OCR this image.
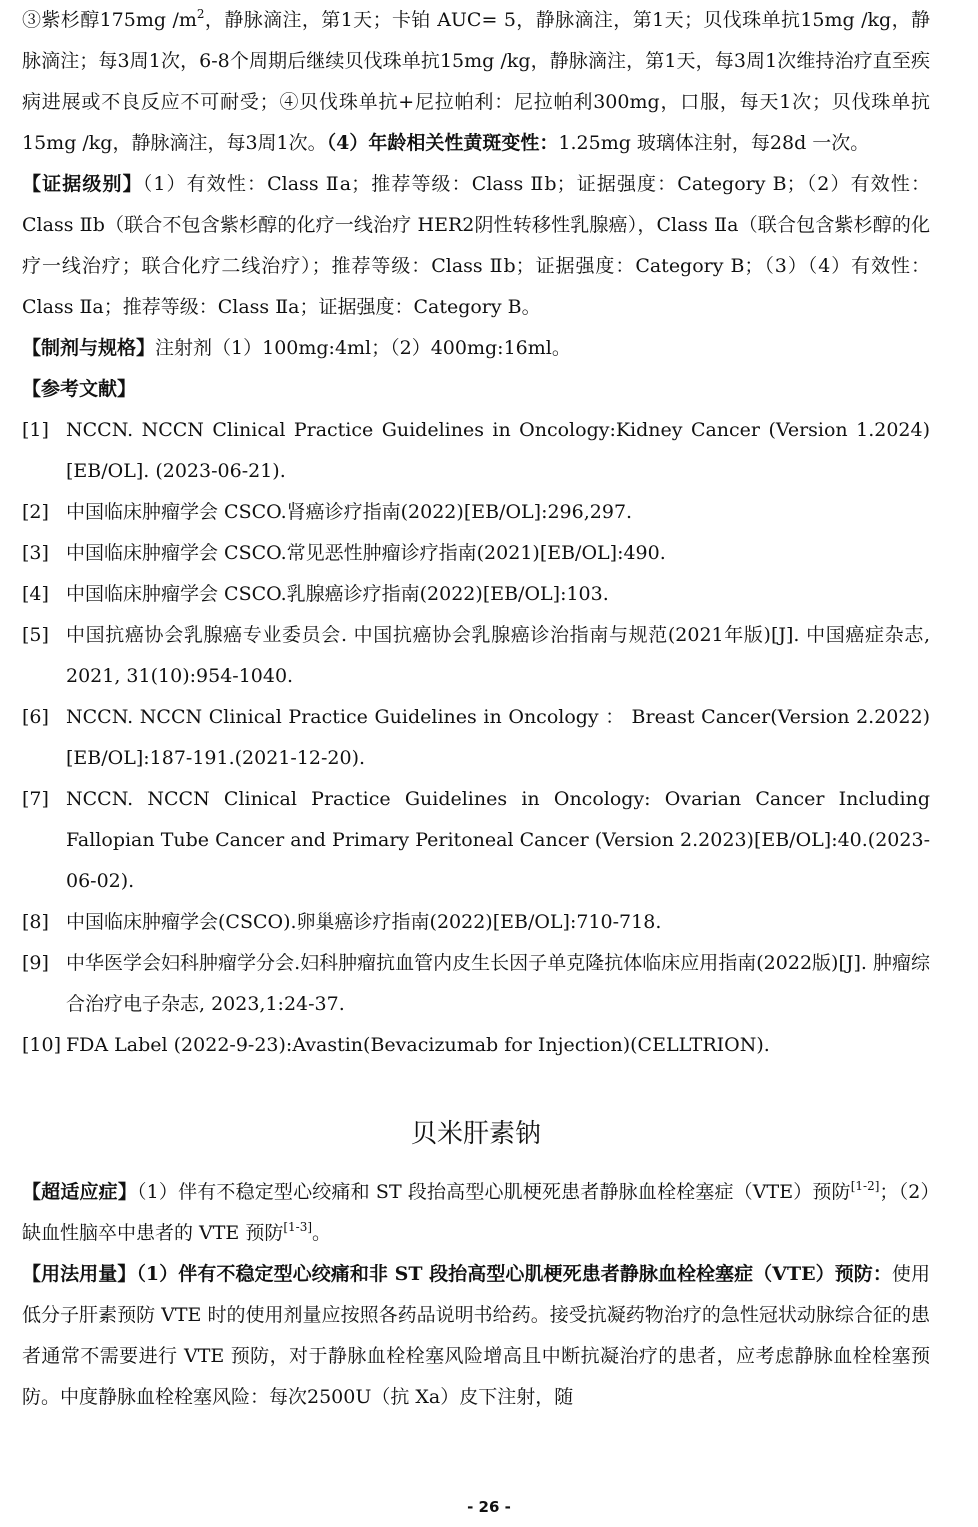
③紫杉醇175mg $/m^2$，静脉滴注，第1天；卡铂 AUC= 5，静脉滴注，第1天；贝伐珠单抗15mg /kg，静脉滴注；每3周1次，6-8个周期后继续贝伐珠单抗15mg /kg，静脉滴注，第1天，每3周1次维持治疗直至疾病进展或不良反应不可耐受；④贝伐珠单抗+尼拉帕利：尼拉帕利300mg，口服，每天1次；贝伐珠单抗15mg /kg，静脉滴注，每3周1次。（4）年龄相关性黄斑变性：1.25mg 玻璃体注射，每28d 一次。

【证据级别】（1）有效性：Class Ⅱa；推荐等级：Class Ⅱb；证据强度：Category B；（2）有效性：Class Ⅱb（联合不包含紫杉醇的化疗一线治疗 HER2阴性转移性乳腺癌），Class Ⅱa（联合包含紫杉醇的化疗一线治疗；联合化疗二线治疗）；推荐等级：Class Ⅱb；证据强度：Category B；（3）（4）有效性：Class Ⅱa；推荐等级：Class Ⅱa；证据强度：Category B。

【制剂与规格】注射剂（1）100mg:4ml；（2）400mg:16ml。

【参考文献】

[1] NCCN. NCCN Clinical Practice Guidelines in Oncology:Kidney Cancer (Version 1.2024)[EB/OL]. (2023-06-21).

[2] 中国临床肿瘤学会 CSCO.肾癌诊疗指南(2022)[EB/OL]:296,297.

[3] 中国临床肿瘤学会 CSCO.常见恶性肿瘤诊疗指南(2021)[EB/OL]:490.

[4] 中国临床肿瘤学会 CSCO.乳腺癌诊疗指南(2022)[EB/OL]:103.

[5] 中国抗癌协会乳腺癌专业委员会. 中国抗癌协会乳腺癌诊治指南与规范(2021年版)[J]. 中国癌症杂志, 2021, 31(10):954-1040.

[6] NCCN. NCCN Clinical Practice Guidelines in Oncology ： Breast Cancer(Version 2.2022) [EB/OL]:187-191.(2021-12-20).

[7] NCCN. NCCN Clinical Practice Guidelines in Oncology: Ovarian Cancer Including Fallopian Tube Cancer and Primary Peritoneal Cancer (Version 2.2023)[EB/OL]:40.(2023-06-02).

[8] 中国临床肿瘤学会(CSCO).卵巢癌诊疗指南(2022)[EB/OL]:710-718.

[9] 中华医学会妇科肿瘤学分会.妇科肿瘤抗血管内皮生长因子单克隆抗体临床应用指南(2022版)[J]. 肿瘤综合治疗电子杂志, 2023,1:24-37.

[10] FDA Label (2022-9-23):Avastin(Bevacizumab for Injection)(CELLTRION).

贝米肝素钠

【超适应症】（1）伴有不稳定型心绞痛和 ST 段抬高型心肌梗死患者静脉血栓栓塞症（VTE）预防[1-2]；（2）缺血性脑卒中患者的 VTE 预防[1-3]。

【用法用量】（1）伴有不稳定型心绞痛和非 ST 段抬高型心肌梗死患者静脉血栓栓塞症（VTE）预防：使用低分子肝素预防 VTE 时的使用剂量应按照各药品说明书给药。接受抗凝药物治疗的急性冠状动脉综合征的患者通常不需要进行 VTE 预防，对于静脉血栓栓塞风险增高且中断抗凝治疗的患者，应考虑静脉血栓栓塞预防。中度静脉血栓栓塞风险：每次2500U（抗 Xa）皮下注射，随

- 26 -
